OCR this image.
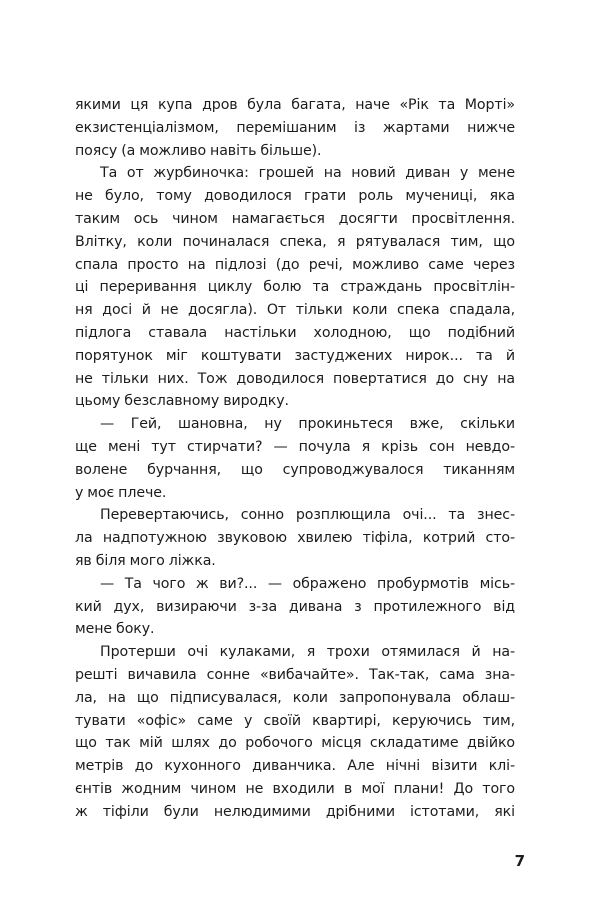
якими ця купа дров була багата, наче «Рік та Морті»
екзистенціалізмом, перемішаним із жартами нижче
поясу (а можливо навіть більше).
Та от журбиночка: грошей на новий диван у мене
не було, тому доводилося грати роль мучениці, яка
таким ось чином намагається досягти просвітлення.
Влітку, коли починалася спека, я рятувалася тим, що
спала просто на підлозі (до речі, можливо саме через
ці переривання циклу болю та страждань просвітлін-
ня досі й не досягла). От тільки коли спека спадала,
підлога ставала настільки холодною, що подібний
порятунок міг коштувати застуджених нирок... та й
не тільки них. Тож доводилося повертатися до сну на
цьому безславному виродку.
— Гей, шановна, ну прокиньтеся вже, скільки
ще мені тут стирчати? — почула я крізь сон невдо-
волене бурчання, що супроводжувалося тиканням
у моє плече.
Перевертаючись, сонно розплющила очі... та знес-
ла надпотужною звуковою хвилею тіфіла, котрий сто-
яв біля мого ліжка.
— Та чого ж ви?... — ображено пробурмотів місь-
кий дух, визираючи з-за дивана з протилежного від
мене боку.
Протерши очі кулаками, я трохи отямилася й на-
решті вичавила сонне «вибачайте». Так-так, сама зна-
ла, на що підписувалася, коли запропонувала облаш-
тувати «офіс» саме у своїй квартирі, керуючись тим,
що так мій шлях до робочого місця складатиме двійко
метрів до кухонного диванчика. Але нічні візити клі-
єнтів жодним чином не входили в мої плани! До того
ж тіфіли були нелюдимими дрібними істотами, які
7
